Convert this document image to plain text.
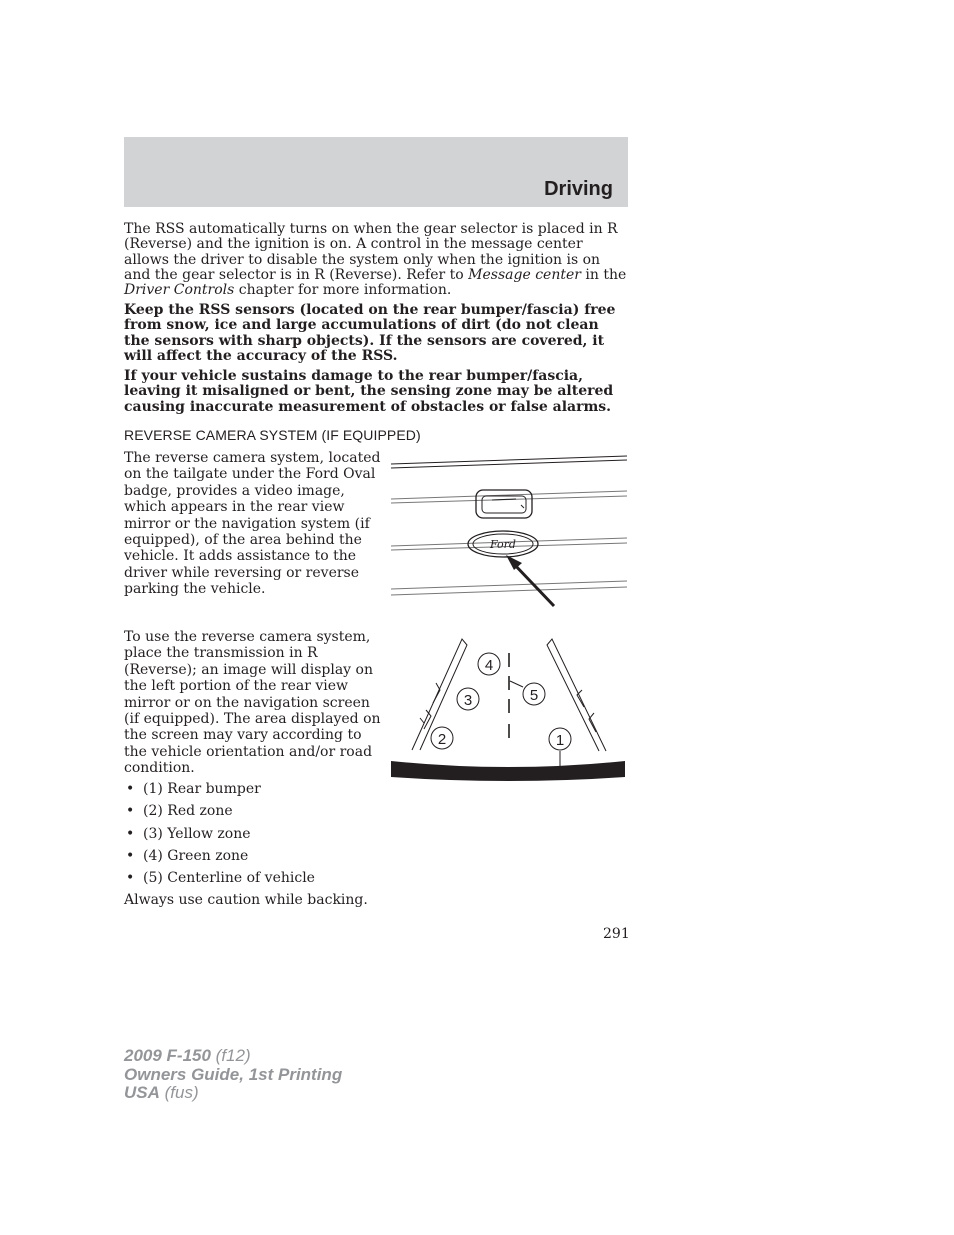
Driving

The RSS automatically turns on when the gear selector is placed in R (Reverse) and the ignition is on. A control in the message center allows the driver to disable the system only when the ignition is on and the gear selector is in R (Reverse). Refer to Message center in the Driver Controls chapter for more information.

Keep the RSS sensors (located on the rear bumper/fascia) free from snow, ice and large accumulations of dirt (do not clean the sensors with sharp objects). If the sensors are covered, it will affect the accuracy of the RSS.

If your vehicle sustains damage to the rear bumper/fascia, leaving it misaligned or bent, the sensing zone may be altered causing inaccurate measurement of obstacles or false alarms.

REVERSE CAMERA SYSTEM (IF EQUIPPED)

The reverse camera system, located on the tailgate under the Ford Oval badge, provides a video image, which appears in the rear view mirror or the navigation system (if equipped), of the area behind the vehicle. It adds assistance to the driver while reversing or reverse parking the vehicle.

To use the reverse camera system, place the transmission in R (Reverse); an image will display on the left portion of the rear view mirror or on the navigation screen (if equipped). The area displayed on the screen may vary according to the vehicle orientation and/or road condition.

• (1) Rear bumper
• (2) Red zone
• (3) Yellow zone
• (4) Green zone
• (5) Centerline of vehicle
Always use caution while backing.
Ford
4
3
2
5
1
291
2009 F-150 (f12)
Owners Guide, 1st Printing
USA (fus)
